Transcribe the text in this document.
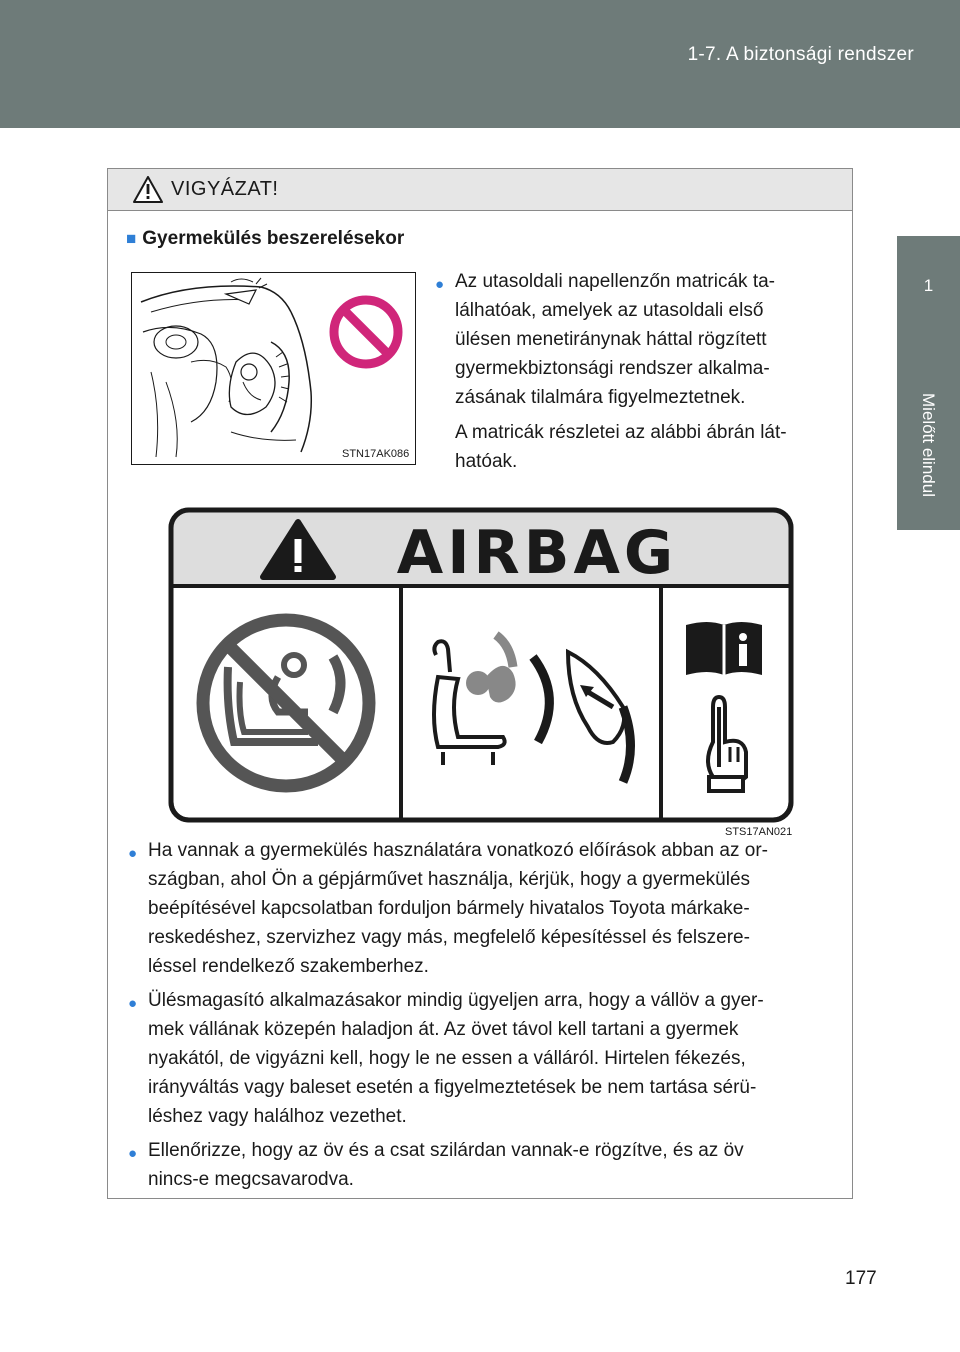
1-7. A biztonsági rendszer
1
Mielőtt elindul
VIGYÁZAT!
■ Gyermekülés beszerelésekor
STN17AK086
● Az utasoldali napellenzőn matricák ta-
lálhatóak, amelyek az utasoldali első
ülésen menetiránynak háttal rögzített
gyermekbiztonsági rendszer alkalma-
zásának tilalmára figyelmeztetnek.
A matricák részletei az alábbi ábrán lát-
hatóak.
AIRBAG
STS17AN021
● Ha vannak a gyermekülés használatára vonatkozó előírások abban az or-
szágban, ahol Ön a gépjárművet használja, kérjük, hogy a gyermekülés
beépítésével kapcsolatban forduljon bármely hivatalos Toyota márkake-
reskedéshez, szervizhez vagy más, megfelelő képesítéssel és felszere-
léssel rendelkező szakemberhez.
● Ülésmagasító alkalmazásakor mindig ügyeljen arra, hogy a vállöv a gyer-
mek vállának közepén haladjon át. Az övet távol kell tartani a gyermek
nyakától, de vigyázni kell, hogy le ne essen a válláról. Hirtelen fékezés,
irányváltás vagy baleset esetén a figyelmeztetések be nem tartása sérü-
léshez vagy halálhoz vezethet.
● Ellenőrizze, hogy az öv és a csat szilárdan vannak-e rögzítve, és az öv
nincs-e megcsavarodva.
177
